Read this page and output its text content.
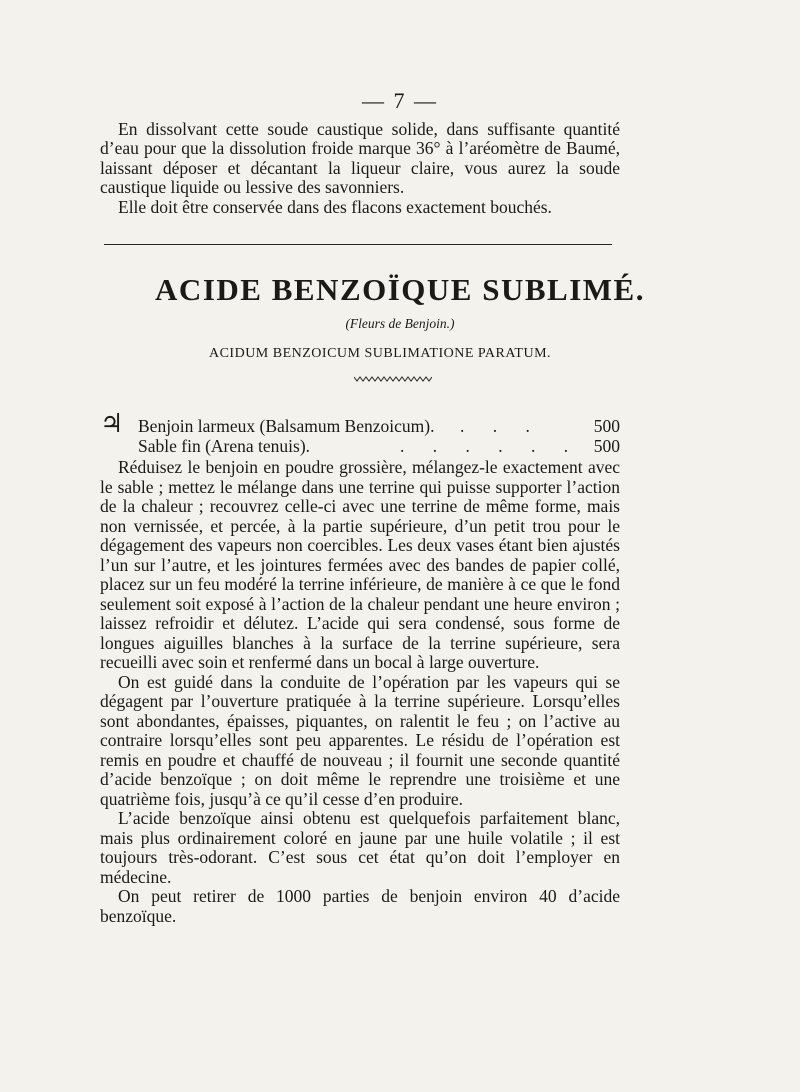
— 7 —

En dissolvant cette soude caustique solide, dans suffisante quantité d’eau pour que la dissolution froide marque 36° à l’aréomètre de Baumé, laissant déposer et décantant la liqueur claire, vous aurez la soude caustique liquide ou lessive des savonniers.

Elle doit être conservée dans des flacons exactement bouchés.

ACIDE BENZOÏQUE SUBLIMÉ.
(Fleurs de Benjoin.)
ACIDUM BENZOICUM SUBLIMATIONE PARATUM.
♃ Benjoin larmeux (Balsamum Benzoicum). . . .	500
Sable fin (Arena tenuis).	. . . . . . 500

Réduisez le benjoin en poudre grossière, mélangez-le exactement avec le sable ; mettez le mélange dans une terrine qui puisse supporter l’action de la chaleur ; recouvrez celle-ci avec une terrine de même forme, mais non vernissée, et percée, à la partie supérieure, d’un petit trou pour le dégagement des vapeurs non coercibles. Les deux vases étant bien ajustés l’un sur l’autre, et les jointures fermées avec des bandes de papier collé, placez sur un feu modéré la terrine inférieure, de manière à ce que le fond seulement soit exposé à l’action de la chaleur pendant une heure environ ; laissez refroidir et délutez. L’acide qui sera condensé, sous forme de longues aiguilles blanches à la surface de la terrine supérieure, sera recueilli avec soin et renfermé dans un bocal à large ouverture.

On est guidé dans la conduite de l’opération par les vapeurs qui se dégagent par l’ouverture pratiquée à la terrine supérieure. Lorsqu’elles sont abondantes, épaisses, piquantes, on ralentit le feu ; on l’active au contraire lorsqu’elles sont peu apparentes. Le résidu de l’opération est remis en poudre et chauffé de nouveau ; il fournit une seconde quantité d’acide benzoïque ; on doit même le reprendre une troisième et une quatrième fois, jusqu’à ce qu’il cesse d’en produire.

L’acide benzoïque ainsi obtenu est quelquefois parfaitement blanc, mais plus ordinairement coloré en jaune par une huile volatile ; il est toujours très-odorant. C’est sous cet état qu’on doit l’employer en médecine.

On peut retirer de 1000 parties de benjoin environ 40 d’acide benzoïque.
